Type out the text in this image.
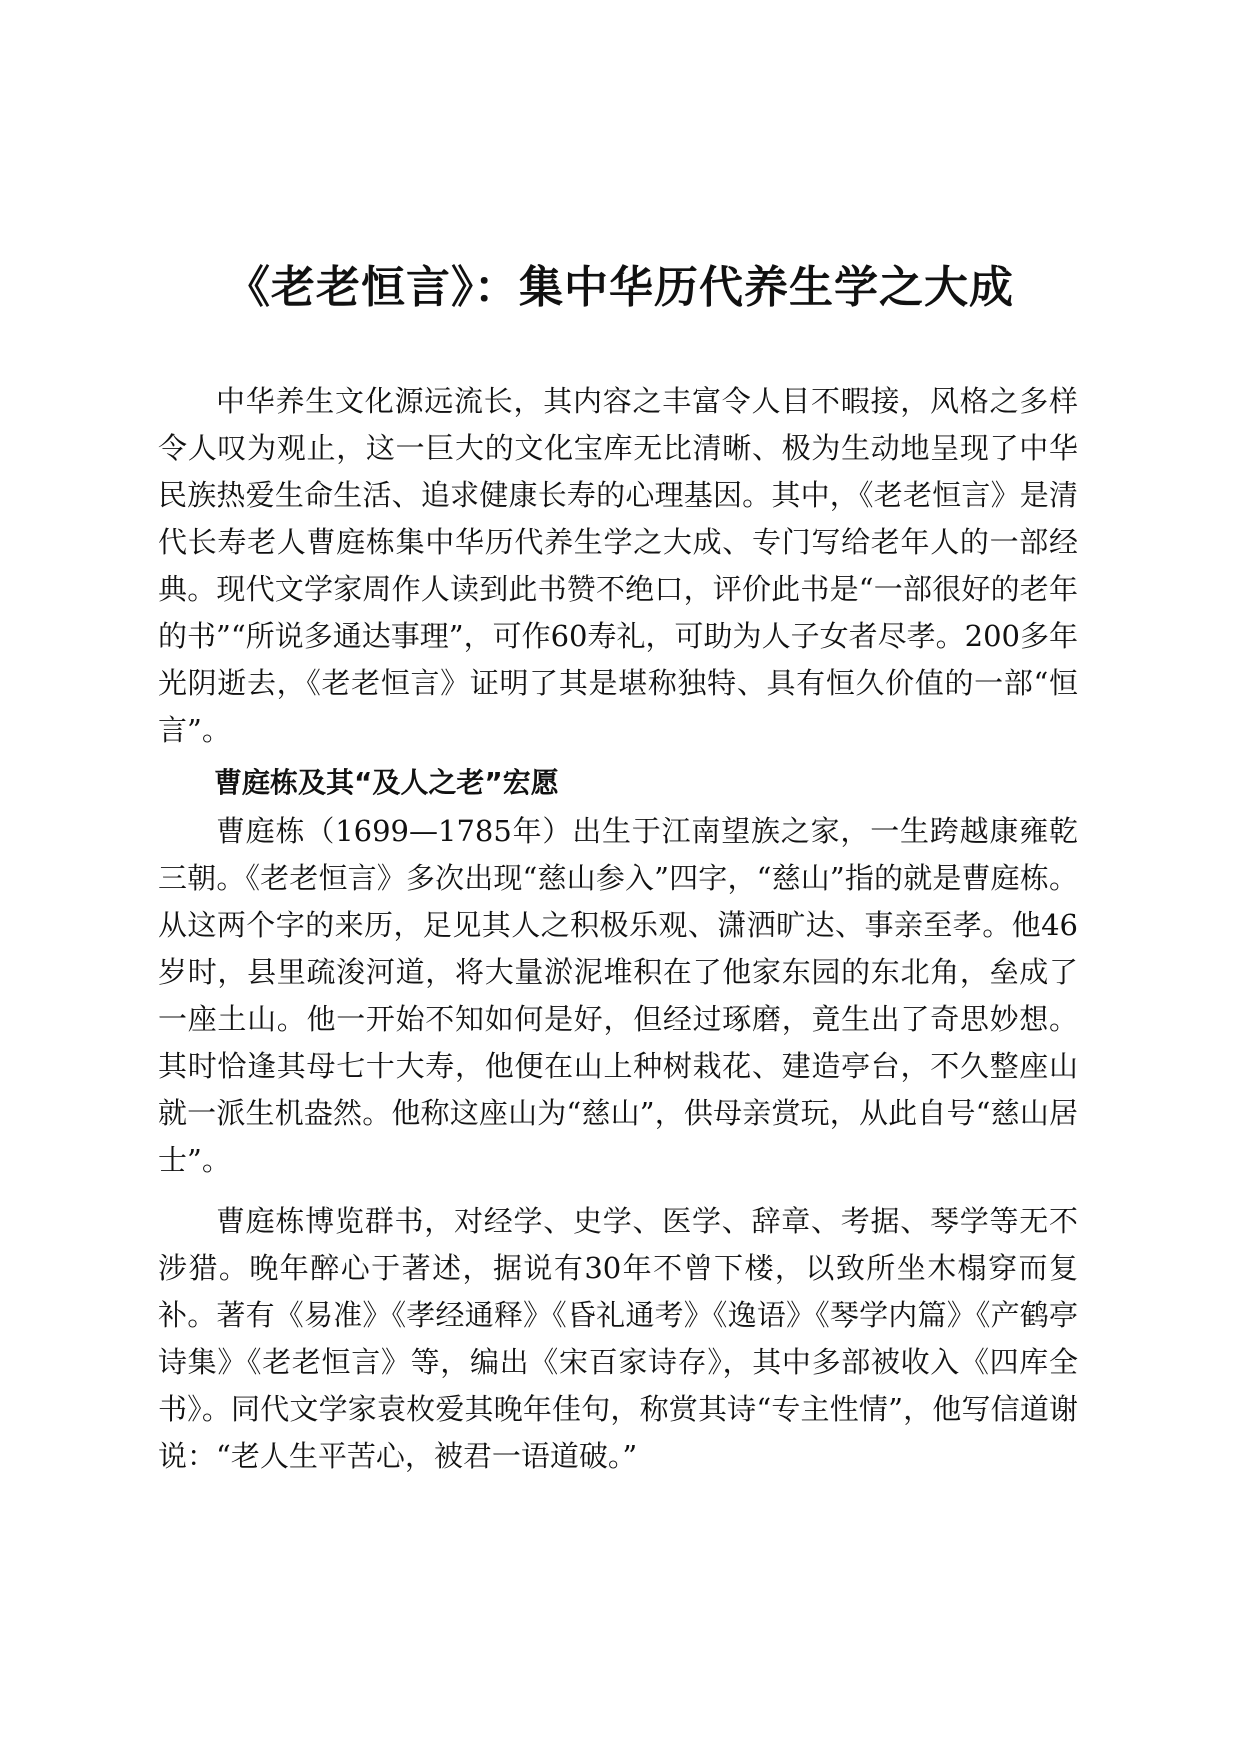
《老老恒言》：集中华历代养生学之大成

中华养生文化源远流长，其内容之丰富令人目不暇接，风格之多样令人叹为观止，这一巨大的文化宝库无比清晰、极为生动地呈现了中华民族热爱生命生活、追求健康长寿的心理基因。其中，《老老恒言》是清代长寿老人曹庭栋集中华历代养生学之大成、专门写给老年人的一部经典。现代文学家周作人读到此书赞不绝口，评价此书是“一部很好的老年的书”“所说多通达事理”，可作60寿礼，可助为人子女者尽孝。200多年光阴逝去，《老老恒言》证明了其是堪称独特、具有恒久价值的一部“恒言”。

曹庭栋及其“及人之老”宏愿

曹庭栋（1699—1785年）出生于江南望族之家，一生跨越康雍乾三朝。《老老恒言》多次出现“慈山参入”四字，“慈山”指的就是曹庭栋。从这两个字的来历，足见其人之积极乐观、潇洒旷达、事亲至孝。他46岁时，县里疏浚河道，将大量淤泥堆积在了他家东园的东北角，垒成了一座土山。他一开始不知如何是好，但经过琢磨，竟生出了奇思妙想。其时恰逢其母七十大寿，他便在山上种树栽花、建造亭台，不久整座山就一派生机盎然。他称这座山为“慈山”，供母亲赏玩，从此自号“慈山居士”。

曹庭栋博览群书，对经学、史学、医学、辞章、考据、琴学等无不涉猎。晚年醉心于著述，据说有30年不曾下楼，以致所坐木榻穿而复补。著有《易准》《孝经通释》《昏礼通考》《逸语》《琴学内篇》《产鹤亭诗集》《老老恒言》等，编出《宋百家诗存》，其中多部被收入《四库全书》。同代文学家袁枚爱其晚年佳句，称赏其诗“专主性情”，他写信道谢说：“老人生平苦心，被君一语道破。”
